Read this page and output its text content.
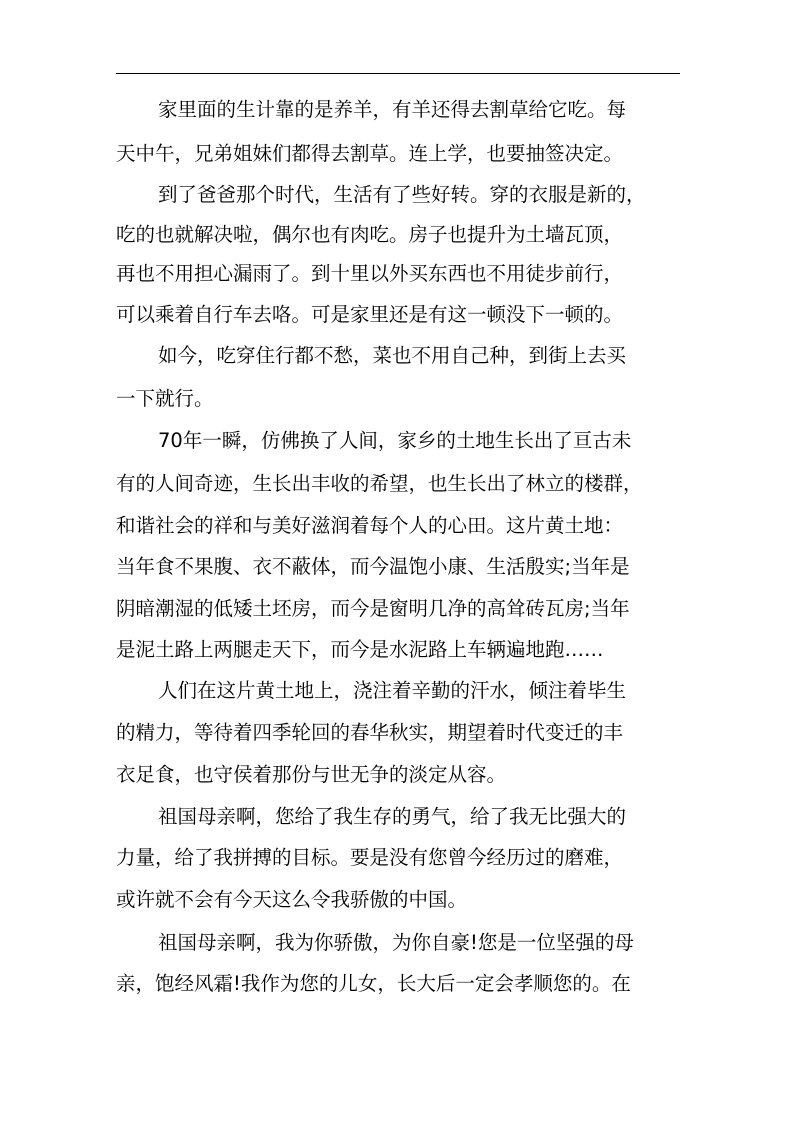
家里面的生计靠的是养羊，有羊还得去割草给它吃。每
天中午，兄弟姐妹们都得去割草。连上学，也要抽签决定。
到了爸爸那个时代，生活有了些好转。穿的衣服是新的，
吃的也就解决啦，偶尔也有肉吃。房子也提升为土墙瓦顶，
再也不用担心漏雨了。到十里以外买东西也不用徒步前行，
可以乘着自行车去咯。可是家里还是有这一顿没下一顿的。
如今，吃穿住行都不愁，菜也不用自己种，到街上去买
一下就行。
70年一瞬，仿佛换了人间，家乡的土地生长出了亘古未
有的人间奇迹，生长出丰收的希望，也生长出了林立的楼群，
和谐社会的祥和与美好滋润着每个人的心田。这片黄土地：
当年食不果腹、衣不蔽体，而今温饱小康、生活殷实;当年是
阴暗潮湿的低矮土坯房，而今是窗明几净的高耸砖瓦房;当年
是泥土路上两腿走天下，而今是水泥路上车辆遍地跑……
人们在这片黄土地上，浇注着辛勤的汗水，倾注着毕生
的精力，等待着四季轮回的春华秋实，期望着时代变迁的丰
衣足食，也守侯着那份与世无争的淡定从容。
祖国母亲啊，您给了我生存的勇气，给了我无比强大的
力量，给了我拼搏的目标。要是没有您曾今经历过的磨难，
或许就不会有今天这么令我骄傲的中国。
祖国母亲啊，我为你骄傲，为你自豪!您是一位坚强的母
亲，饱经风霜!我作为您的儿女，长大后一定会孝顺您的。在
